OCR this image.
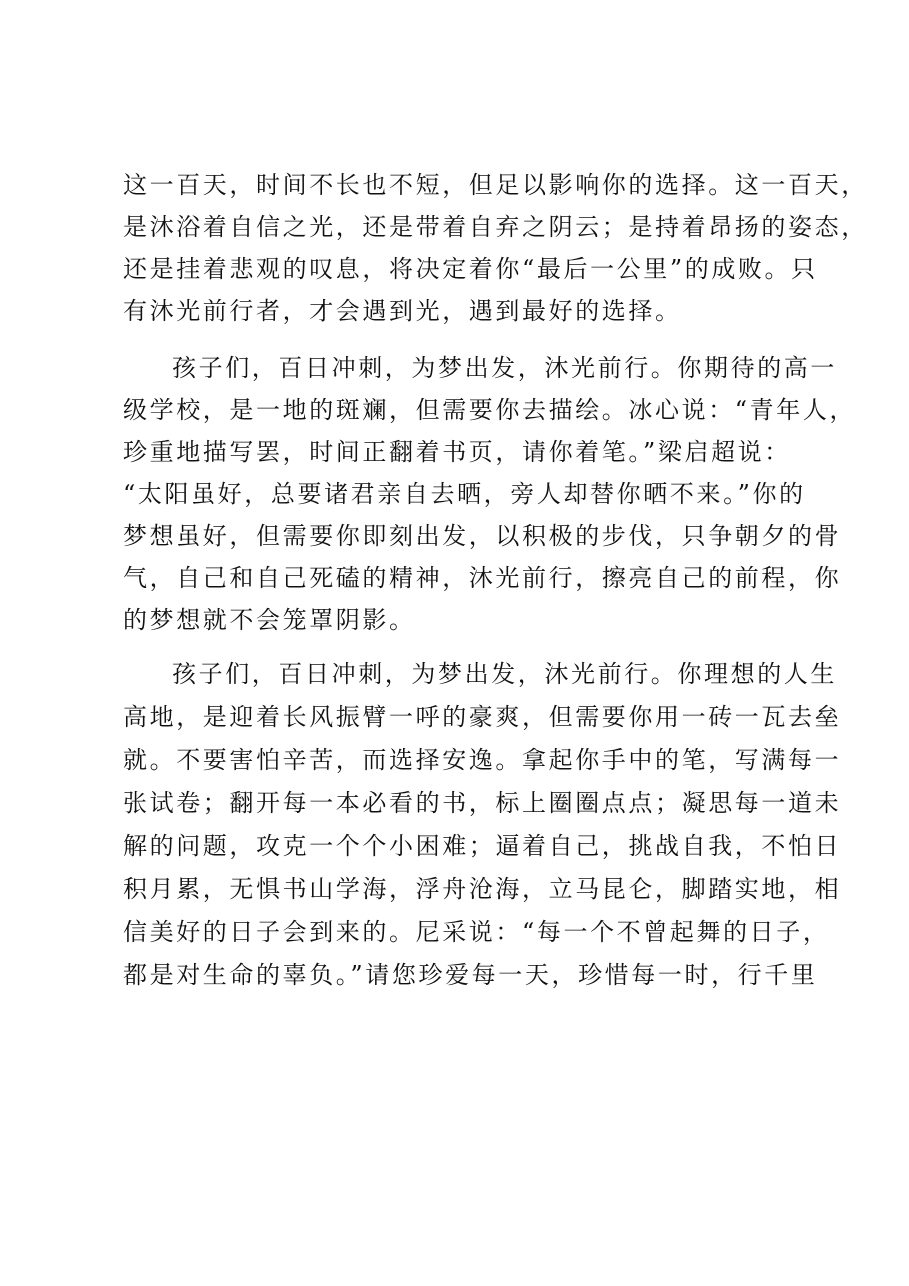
这一百天，时间不长也不短，但足以影响你的选择。这一百天，
是沐浴着自信之光，还是带着自弃之阴云；是持着昂扬的姿态，
还是挂着悲观的叹息，将决定着你“最后一公里”的成败。只
有沐光前行者，才会遇到光，遇到最好的选择。
孩子们，百日冲刺，为梦出发，沐光前行。你期待的高一
级学校，是一地的斑斓，但需要你去描绘。冰心说：“青年人，
珍重地描写罢，时间正翻着书页，请你着笔。”梁启超说：
“太阳虽好，总要诸君亲自去晒，旁人却替你晒不来。”你的
梦想虽好，但需要你即刻出发，以积极的步伐，只争朝夕的骨
气，自己和自己死磕的精神，沐光前行，擦亮自己的前程，你
的梦想就不会笼罩阴影。
孩子们，百日冲刺，为梦出发，沐光前行。你理想的人生
高地，是迎着长风振臂一呼的豪爽，但需要你用一砖一瓦去垒
就。不要害怕辛苦，而选择安逸。拿起你手中的笔，写满每一
张试卷；翻开每一本必看的书，标上圈圈点点；凝思每一道未
解的问题，攻克一个个小困难；逼着自己，挑战自我，不怕日
积月累，无惧书山学海，浮舟沧海，立马昆仑，脚踏实地，相
信美好的日子会到来的。尼采说：“每一个不曾起舞的日子，
都是对生命的辜负。”请您珍爱每一天，珍惜每一时，行千里
